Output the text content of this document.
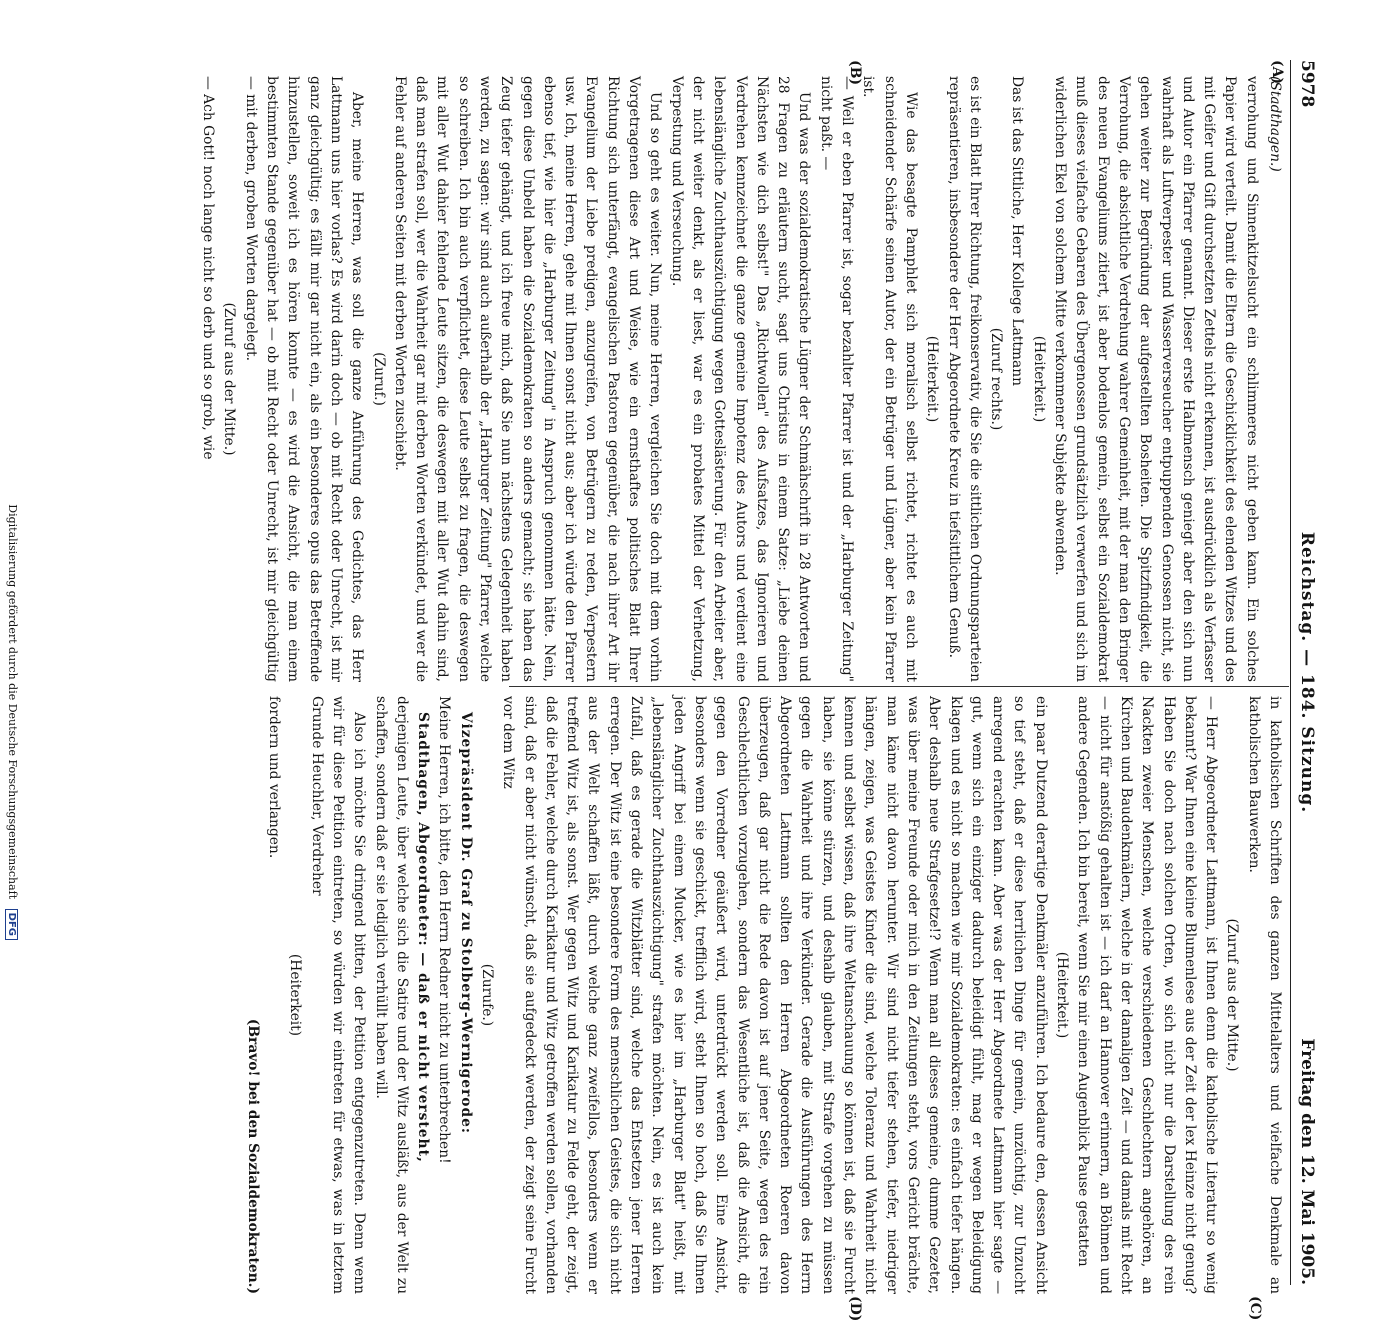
5978
Reichstag. — 184. Sitzung.
Freitag den 12. Mai 1905.
(A)
(B)
(C)
(D)

(Stadthagen.)

verrohung und Sinnenkitzelsucht ein schlimmeres nicht geben kann. Ein solches Papier wird verteilt. Damit die Eltern die Geschicklichkeit des elenden Witzes und des mit Geifer und Gift durchsetzten Zettels nicht erkennen, ist ausdrücklich als Verfasser und Autor ein Pfarrer genannt. Dieser erste Halbmensch geniegt aber den sich nun wahrhaft als Luftverpester und Wasserverseucher entpuppenden Genossen nicht, sie gehen weiter zur Begründung der aufgestellten Bosheiten. Die Spitzfindigkeit, die Verrohung, die absichtliche Verdrehung wahrer Gemeinheit, mit der man den Bringer des neuen Evangeliums zitiert, ist aber bodenlos gemein, selbst ein Sozialdemokrat muß dieses vielfache Gebaren des Übergenossen grundsätzlich verwerfen und sich im widerlichen Ekel von solchem Mitte verkommener Subjekte abwenden.

(Heiterkeit.)

Das ist das Sittliche, Herr Kollege Lattmann

(Zuruf rechts.)

es ist ein Blatt Ihrer Richtung, freikonservativ, die Sie die sittlichen Ordnungsparteien repräsentieren, insbesondere der Herr Abgeordnete Kreuz in tiefsittlichem Genuß.

(Heiterkeit.)

Wie das besagte Pamphlet sich moralisch selbst richtet, richtet es auch mit schneidender Schärfe seinen Autor, der ein Betrüger und Lügner, aber kein Pfarrer ist.

— Weil er eben Pfarrer ist, sogar bezahlter Pfarrer ist und der „Harburger Zeitung" nicht paßt. —

Und was der sozialdemokratische Lügner der Schmähschrift in 28 Antworten und 28 Fragen zu erläutern sucht, sagt uns Christus in einem Satze: „Liebe deinen Nächsten wie dich selbst!" Das „Richtwollen" des Aufsatzes, das Ignorieren und Verdrehen kennzeichnet die ganze gemeine Impotenz des Autors und verdient eine lebenslängliche Zuchthauszüchtigung wegen Gotteslästerung. Für den Arbeiter aber, der nicht weiter denkt, als er liest, war es ein probates Mittel der Verhetzung, Verpestung und Verseuchung.

Und so geht es weiter. Nun, meine Herren, vergleichen Sie doch mit dem vorhin Vorgetragenen diese Art und Weise, wie ein ernsthaftes politisches Blatt Ihrer Richtung sich unterfängt, evangelischen Pastoren gegenüber, die nach ihrer Art ihr Evangelium der Liebe predigen, anzugreifen, von Betrügern zu reden, Verpestern usw. Ich, meine Herren, gehe mit Ihnen sonst nicht aus; aber ich würde den Pfarrer ebenso tief, wie hier die „Harburger Zeitung" in Anspruch genommen hätte. Nein, gegen diese Unbeld haben die Sozialdemokraten so anders gemacht; sie haben das Zeug tiefer gehängt, und ich freue mich, daß Sie nun nächstens Gelegenheit haben werden, zu sagen: wir sind auch außerhalb der „Harburger Zeitung" Pfarrer, welche so schreiben. Ich bin auch verpflichtet, diese Leute selbst zu fragen, die deswegen mit aller Wut dahier fehlende Leute sitzen, die deswegen mit aller Wut dahin sind, daß man strafen soll, wer die Wahrheit gar mit derben Worten verkündet, und wer die Fehler auf anderen Seiten mit derben Worten zuschiebt.

(Zuruf.)

Aber, meine Herren, was soll die ganze Anführung des Gedichtes, das Herr Lattmann uns hier vorlas? Es wird darin doch — ob mit Recht oder Unrecht, ist mir ganz gleichgültig; es fällt mir gar nicht ein, als ein besonderes opus das Betreffende hinzustellen, soweit ich es hören konnte — es wird die Ansicht, die man einem bestimmten Stande gegenüber hat — ob mit Recht oder Unrecht, ist mir gleichgültig — mit derben, groben Worten dargelegt.

(Zuruf aus der Mitte.)

— Ach Gott! noch lange nicht so derb und so grob, wie

in katholischen Schriften des ganzen Mittelalters und vielfache Denkmale an katholischen Bauwerken.

(Zuruf aus der Mitte.)

— Herr Abgeordneter Lattmann, ist Ihnen denn die katholische Literatur so wenig bekannt? War Ihnen eine kleine Blumenlese aus der Zeit der lex Heinze nicht genug? Haben Sie doch nach solchen Orten, wo sich nicht nur die Darstellung des rein Nackten zweier Menschen, welche verschiedenen Geschlechtern angehören, an Kirchen und Baudenkmälern, welche in der damaligen Zeit — und damals mit Recht — nicht für anstößig gehalten ist — ich darf an Hannover erinnern, an Böhmen und andere Gegenden. Ich bin bereit, wenn Sie mir einen Augenblick Pause gestatten

(Heiterkeit.)

ein paar Dutzend derartige Denkmäler anzuführen. Ich bedaure den, dessen Ansicht so tief steht, daß er diese herrlichen Dinge für gemein, unzüchtig, zur Unzucht anregend erachten kann. Aber was der Herr Abgeordnete Lattmann hier sagte — gut, wenn sich ein einziger dadurch beleidigt fühlt, mag er wegen Beleidigung klagen und es nicht so machen wie mir Sozialdemokraten: es einfach tiefer hängen. Aber deshalb neue Strafgesetze!? Wenn man all dieses gemeine, dumme Gezeter, was über meine Freunde oder mich in den Zeitungen steht, vors Gericht brächte, man käme nicht davon herunter. Wir sind nicht tiefer stehen, tiefer, niedriger hängen, zeigen, was Geistes Kinder die sind, welche Toleranz und Wahrheit nicht kennen und selbst wissen, daß ihre Weltanschauung so können ist, daß sie Furcht haben, sie könne stürzen, und deshalb glauben, mit Strafe vorgehen zu müssen gegen die Wahrheit und ihre Verkünder. Gerade die Ausführungen des Herrn Abgeordneten Lattmann sollten den Herren Abgeordneten Roeren davon überzeugen, daß gar nicht die Rede davon ist auf jener Seite, wegen des rein Geschlechtlichen vorzugehen, sondern das Wesentliche ist, daß die Ansicht, die gegen den Vorredner geäußert wird, unterdrückt werden soll. Eine Ansicht, besonders wenn sie geschickt, trefflich wird, steht Ihnen so hoch, daß Sie Ihnen jeden Angriff bei einem Mucker, wie es hier im „Harburger Blatt" heißt, mit „lebenslänglicher Zuchthauszüchtigung" strafen möchten. Nein, es ist auch kein Zufall, daß es gerade die Witzblätter sind, welche das Entsetzen jener Herren erregen. Der Witz ist eine besondere Form des menschlichen Geistes, die sich nicht aus der Welt schaffen läßt, durch welche ganz zweifellos, besonders wenn er treffend Witz ist, als sonst. Wer gegen Witz und Karikatur zu Felde geht, der zeigt, daß die Fehler, welche durch Karikatur und Witz getroffen werden sollen, vorhanden sind, daß er aber nicht wünscht, daß sie aufgedeckt werden, der zeigt seine Furcht vor dem Witz

(Zurufe.)

Vizepräsident Dr. Graf zu Stolberg-Wernigerode:

Meine Herren, ich bitte, den Herrn Redner nicht zu unterbrechen!

Stadthagen, Abgeordneter: — daß er nicht versteht,

derjenigen Leute, über welche sich die Satire und der Witz ausläßt, aus der Welt zu schaffen, sondern daß er sie lediglich verhüllt haben will.

Also ich möchte Sie dringend bitten, der Petition entgegenzutreten. Denn wenn wir für diese Petition eintreten, so würden wir eintreten für etwas, was in letztem Grunde Heuchler, Verdreher

(Heiterkeit)

fordern und verlangen.

(Bravo! bei den Sozialdemokraten.)

Digitalisierung gefördert durch die Deutsche Forschungsgemeinschaft DFG
